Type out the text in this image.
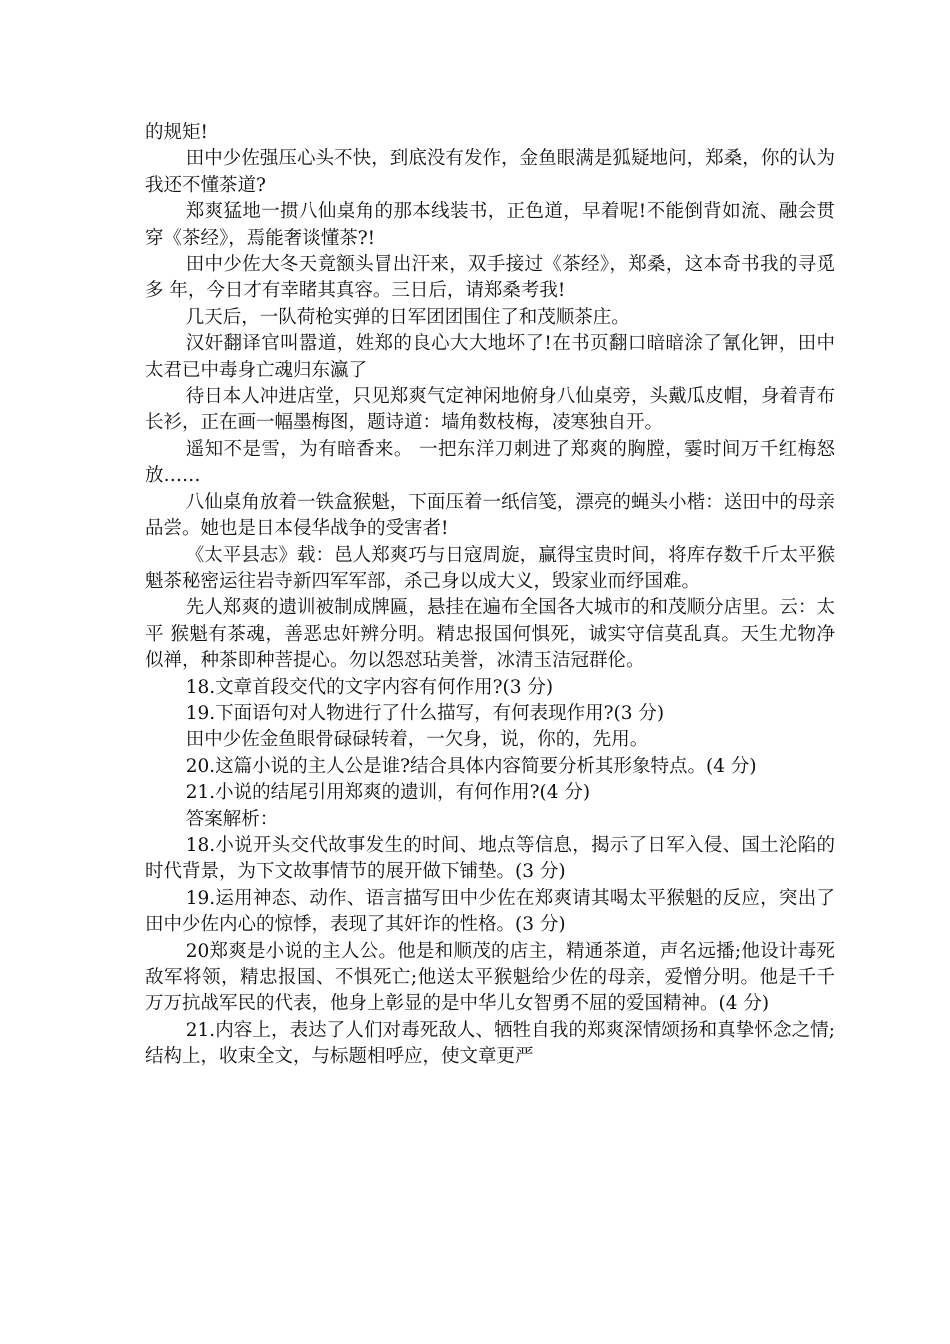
的规矩!

田中少佐强压心头不快，到底没有发作，金鱼眼满是狐疑地问，郑桑，你的认为我还不懂茶道?

郑爽猛地一掼八仙桌角的那本线装书，正色道，早着呢!不能倒背如流、融会贯穿《茶经》，焉能奢谈懂茶?!

田中少佐大冬天竟额头冒出汗来，双手接过《茶经》，郑桑，这本奇书我的寻觅多 年，今日才有幸睹其真容。三日后，请郑桑考我!

几天后，一队荷枪实弹的日军团团围住了和茂顺茶庄。

汉奸翻译官叫嚣道，姓郑的良心大大地坏了!在书页翻口暗暗涂了氰化钾，田中太君已中毒身亡魂归东瀛了

待日本人冲进店堂，只见郑爽气定神闲地俯身八仙桌旁，头戴瓜皮帽，身着青布长衫，正在画一幅墨梅图，题诗道：墙角数枝梅，凌寒独自开。

遥知不是雪，为有暗香来。 一把东洋刀刺进了郑爽的胸膛，霎时间万千红梅怒放……

八仙桌角放着一铁盒猴魁，下面压着一纸信笺，漂亮的蝇头小楷：送田中的母亲品尝。她也是日本侵华战争的受害者!

《太平县志》载：邑人郑爽巧与日寇周旋，赢得宝贵时间，将库存数千斤太平猴魁茶秘密运往岩寺新四军军部，杀己身以成大义，毁家业而纾国难。

先人郑爽的遗训被制成牌匾，悬挂在遍布全国各大城市的和茂顺分店里。云：太平 猴魁有茶魂，善恶忠奸辨分明。精忠报国何惧死，诚实守信莫乱真。天生尤物净似禅，种茶即种菩提心。勿以怨怼玷美誉，冰清玉洁冠群伦。

18.文章首段交代的文字内容有何作用?(3 分)

19.下面语句对人物进行了什么描写，有何表现作用?(3 分)

田中少佐金鱼眼骨碌碌转着，一欠身，说，你的，先用。

20.这篇小说的主人公是谁?结合具体内容简要分析其形象特点。(4 分)

21.小说的结尾引用郑爽的遗训，有何作用?(4 分)

答案解析：

18.小说开头交代故事发生的时间、地点等信息，揭示了日军入侵、国土沦陷的时代背景，为下文故事情节的展开做下铺垫。(3 分)

19.运用神态、动作、语言描写田中少佐在郑爽请其喝太平猴魁的反应，突出了田中少佐内心的惊悸，表现了其奸诈的性格。(3 分)

20郑爽是小说的主人公。他是和顺茂的店主，精通茶道，声名远播;他设计毒死敌军将领，精忠报国、不惧死亡;他送太平猴魁给少佐的母亲，爱憎分明。他是千千万万抗战军民的代表，他身上彰显的是中华儿女智勇不屈的爱国精神。(4 分)

21.内容上，表达了人们对毒死敌人、牺牲自我的郑爽深情颂扬和真挚怀念之情;结构上，收束全文，与标题相呼应，使文章更严
